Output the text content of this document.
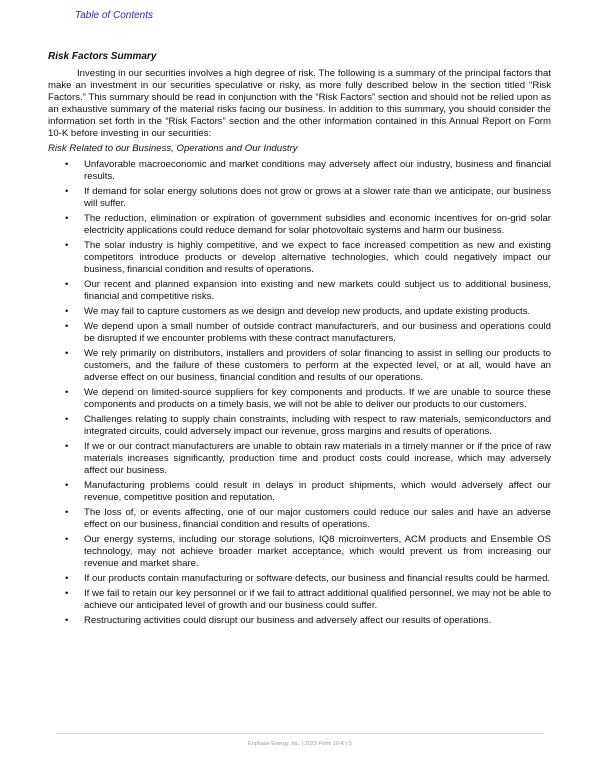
Table of Contents
Risk Factors Summary

Investing in our securities involves a high degree of risk. The following is a summary of the principal factors that make an investment in our securities speculative or risky, as more fully described below in the section titled “Risk Factors.” This summary should be read in conjunction with the “Risk Factors” section and should not be relied upon as an exhaustive summary of the material risks facing our business. In addition to this summary, you should consider the information set forth in the “Risk Factors” section and the other information contained in this Annual Report on Form 10-K before investing in our securities:

Risk Related to our Business, Operations and Our Industry
• Unfavorable macroeconomic and market conditions may adversely affect our industry, business and financial results.
• If demand for solar energy solutions does not grow or grows at a slower rate than we anticipate, our business will suffer.
• The reduction, elimination or expiration of government subsidies and economic incentives for on-grid solar electricity applications could reduce demand for solar photovoltaic systems and harm our business.
• The solar industry is highly competitive, and we expect to face increased competition as new and existing competitors introduce products or develop alternative technologies, which could negatively impact our business, financial condition and results of operations.
• Our recent and planned expansion into existing and new markets could subject us to additional business, financial and competitive risks.
• We may fail to capture customers as we design and develop new products, and update existing products.
• We depend upon a small number of outside contract manufacturers, and our business and operations could be disrupted if we encounter problems with these contract manufacturers.
• We rely primarily on distributors, installers and providers of solar financing to assist in selling our products to customers, and the failure of these customers to perform at the expected level, or at all, would have an adverse effect on our business, financial condition and results of our operations.
• We depend on limited-source suppliers for key components and products. If we are unable to source these components and products on a timely basis, we will not be able to deliver our products to our customers.
• Challenges relating to supply chain constraints, including with respect to raw materials, semiconductors and integrated circuits, could adversely impact our revenue, gross margins and results of operations.
• If we or our contract manufacturers are unable to obtain raw materials in a timely manner or if the price of raw materials increases significantly, production time and product costs could increase, which may adversely affect our business.
• Manufacturing problems could result in delays in product shipments, which would adversely affect our revenue, competitive position and reputation.
• The loss of, or events affecting, one of our major customers could reduce our sales and have an adverse effect on our business, financial condition and results of operations.
• Our energy systems, including our storage solutions, IQ8 microinverters, ACM products and Ensemble OS technology, may not achieve broader market acceptance, which would prevent us from increasing our revenue and market share.
• If our products contain manufacturing or software defects, our business and financial results could be harmed.
• If we fail to retain our key personnel or if we fail to attract additional qualified personnel, we may not be able to achieve our anticipated level of growth and our business could suffer.
• Restructuring activities could disrupt our business and adversely affect our results of operations.
Enphase Energy, Inc. | 2023 Form 10-K | 5
